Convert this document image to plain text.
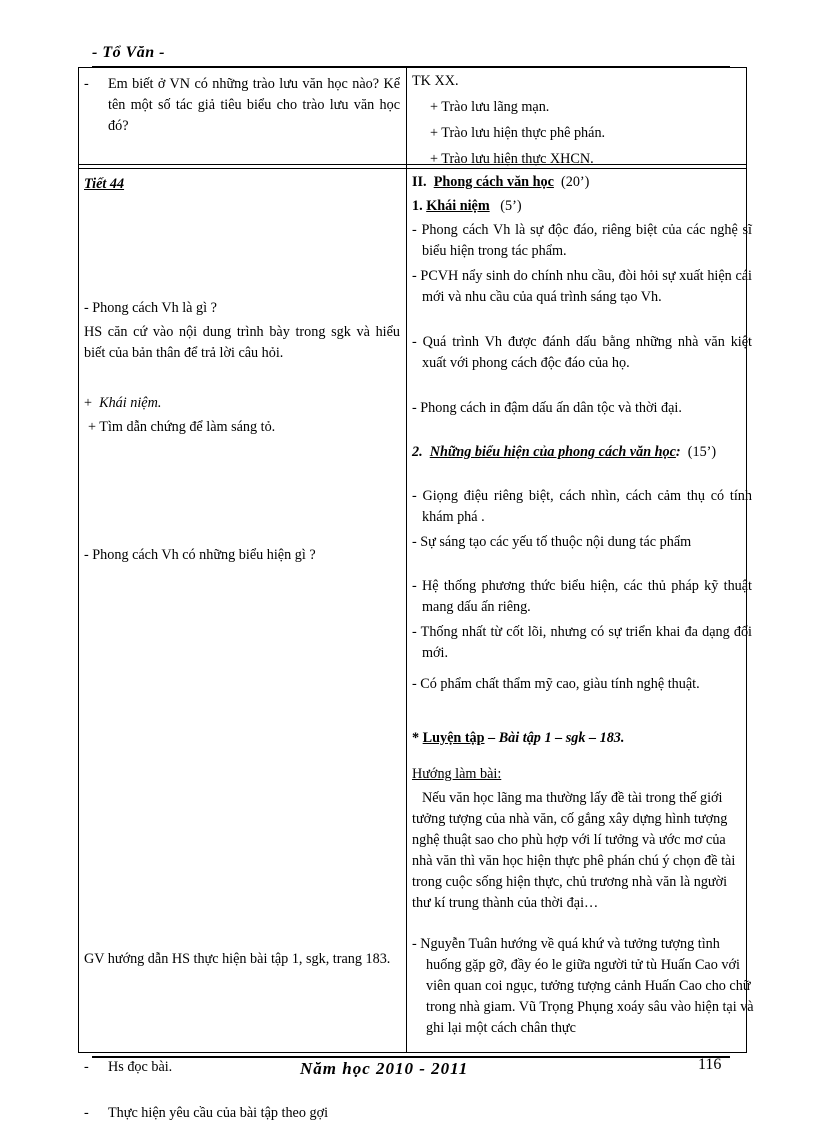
- Tổ Văn -
- Em biết ở VN có những trào lưu văn học nào? Kể tên một số tác giả tiêu biểu cho trào lưu văn học đó?
TK XX.
+ Trào lưu lãng mạn.
+ Trào lưu hiện thực phê phán.
+ Trào lưu hiện thực XHCN.
Tiết 44
- Phong cách Vh là gì ?
HS căn cứ vào nội dung trình bày trong sgk và hiểu biết của bản thân để trả lời câu hỏi.
+ Khái niệm.
+ Tìm dẫn chứng để làm sáng tỏ.
- Phong cách Vh có những biểu hiện gì ?
GV hướng dẫn HS thực hiện bài tập 1, sgk, trang 183.
- Hs đọc bài.
- Thực hiện yêu cầu của bài tập theo gợi
II. Phong cách văn học (20’)
1. Khái niệm (5’)
- Phong cách Vh là sự độc đáo, riêng biệt của các nghệ sĩ biểu hiện trong tác phẩm.
- PCVH nẩy sinh do chính nhu cầu, đòi hỏi sự xuất hiện cái mới và nhu cầu của quá trình sáng tạo Vh.
- Quá trình Vh được đánh dấu bằng những nhà văn kiệt xuất với phong cách độc đáo của họ.
- Phong cách in đậm dấu ấn dân tộc và thời đại.
2. Những biểu hiện của phong cách văn học: (15’)
- Giọng điệu riêng biệt, cách nhìn, cách cảm thụ có tính khám phá .
- Sự sáng tạo các yếu tố thuộc nội dung tác phẩm
- Hệ thống phương thức biểu hiện, các thủ pháp kỹ thuật mang dấu ấn riêng.
- Thống nhất từ cốt lõi, nhưng có sự triển khai đa dạng đổi mới.
- Có phẩm chất thẩm mỹ cao, giàu tính nghệ thuật.
* Luyện tập – Bài tập 1 – sgk – 183.
Hướng làm bài:
Nếu văn học lãng ma thường lấy đề tài trong thế giới tưởng tượng của nhà văn, cố gắng xây dựng hình tượng nghệ thuật sao cho phù hợp với lí tưởng và ước mơ của nhà văn thì văn học hiện thực phê phán chú ý chọn đề tài trong cuộc sống hiện thực, chủ trương nhà văn là người thư kí trung thành của thời đại…
- Nguyễn Tuân hướng về quá khứ và tưởng tượng tình huống gặp gỡ, đầy éo le giữa người tử tù Huấn Cao với viên quan coi ngục, tưởng tượng cảnh Huấn Cao cho chữ trong nhà giam. Vũ Trọng Phụng xoáy sâu vào hiện tại và ghi lại một cách chân thực
Năm học 2010 - 2011	116
